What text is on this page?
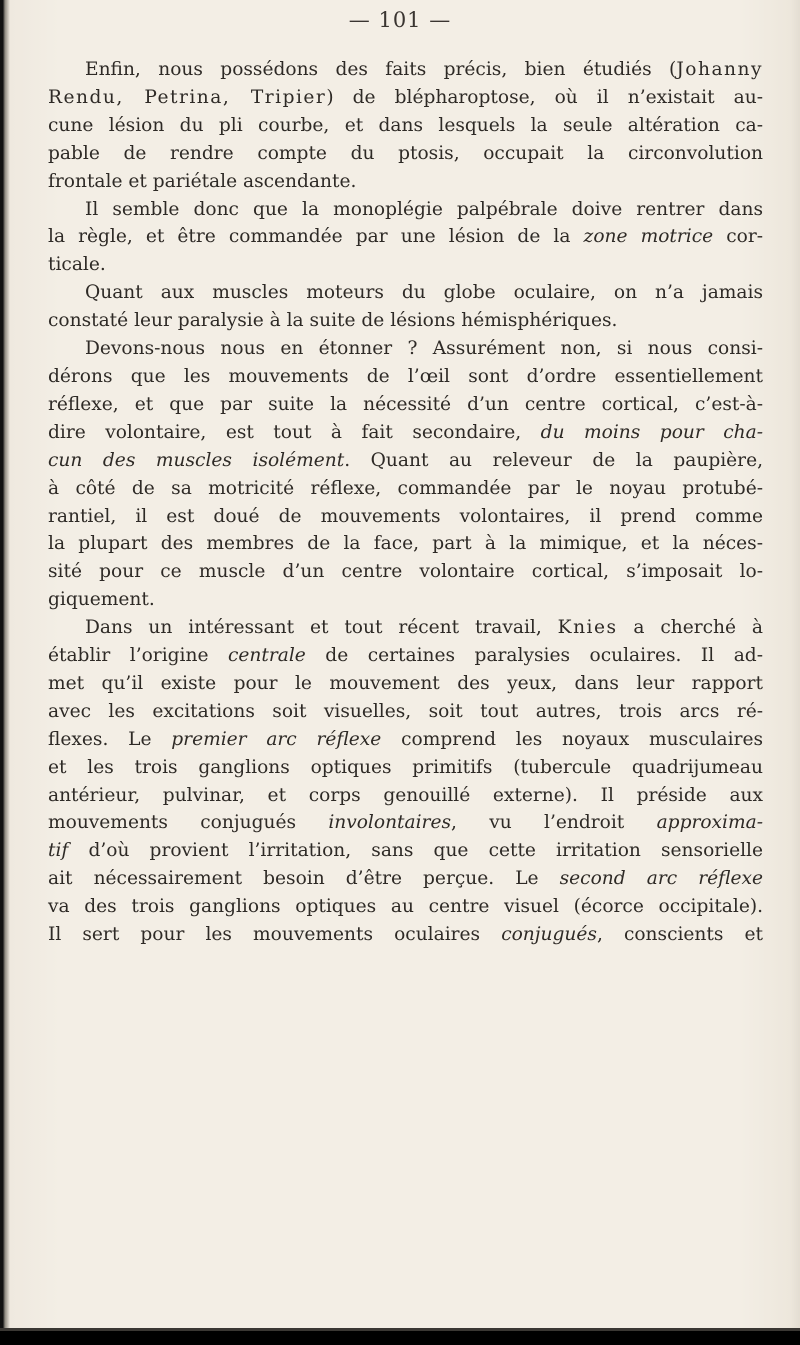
— 101 —
Enfin, nous possédons des faits précis, bien étudiés (Johanny
Rendu, Petrina, Tripier) de blépharoptose, où il n’existait au-
cune lésion du pli courbe, et dans lesquels la seule altération ca-
pable de rendre compte du ptosis, occupait la circonvolution
frontale et pariétale ascendante.
Il semble donc que la monoplégie palpébrale doive rentrer dans
la règle, et être commandée par une lésion de la zone motrice cor-
ticale.
Quant aux muscles moteurs du globe oculaire, on n’a jamais
constaté leur paralysie à la suite de lésions hémisphériques.
Devons-nous nous en étonner ? Assurément non, si nous consi-
dérons que les mouvements de l’œil sont d’ordre essentiellement
réflexe, et que par suite la nécessité d’un centre cortical, c’est-à-
dire volontaire, est tout à fait secondaire, du moins pour cha-
cun des muscles isolément. Quant au releveur de la paupière,
à côté de sa motricité réflexe, commandée par le noyau protubé-
rantiel, il est doué de mouvements volontaires, il prend comme
la plupart des membres de la face, part à la mimique, et la néces-
sité pour ce muscle d’un centre volontaire cortical, s’imposait lo-
giquement.
Dans un intéressant et tout récent travail, Knies a cherché à
établir l’origine centrale de certaines paralysies oculaires. Il ad-
met qu’il existe pour le mouvement des yeux, dans leur rapport
avec les excitations soit visuelles, soit tout autres, trois arcs ré-
flexes. Le premier arc réflexe comprend les noyaux musculaires
et les trois ganglions optiques primitifs (tubercule quadrijumeau
antérieur, pulvinar, et corps genouillé externe). Il préside aux
mouvements conjugués involontaires, vu l’endroit approxima-
tif d’où provient l’irritation, sans que cette irritation sensorielle
ait nécessairement besoin d’être perçue. Le second arc réflexe
va des trois ganglions optiques au centre visuel (écorce occipitale).
Il sert pour les mouvements oculaires conjugués, conscients et
